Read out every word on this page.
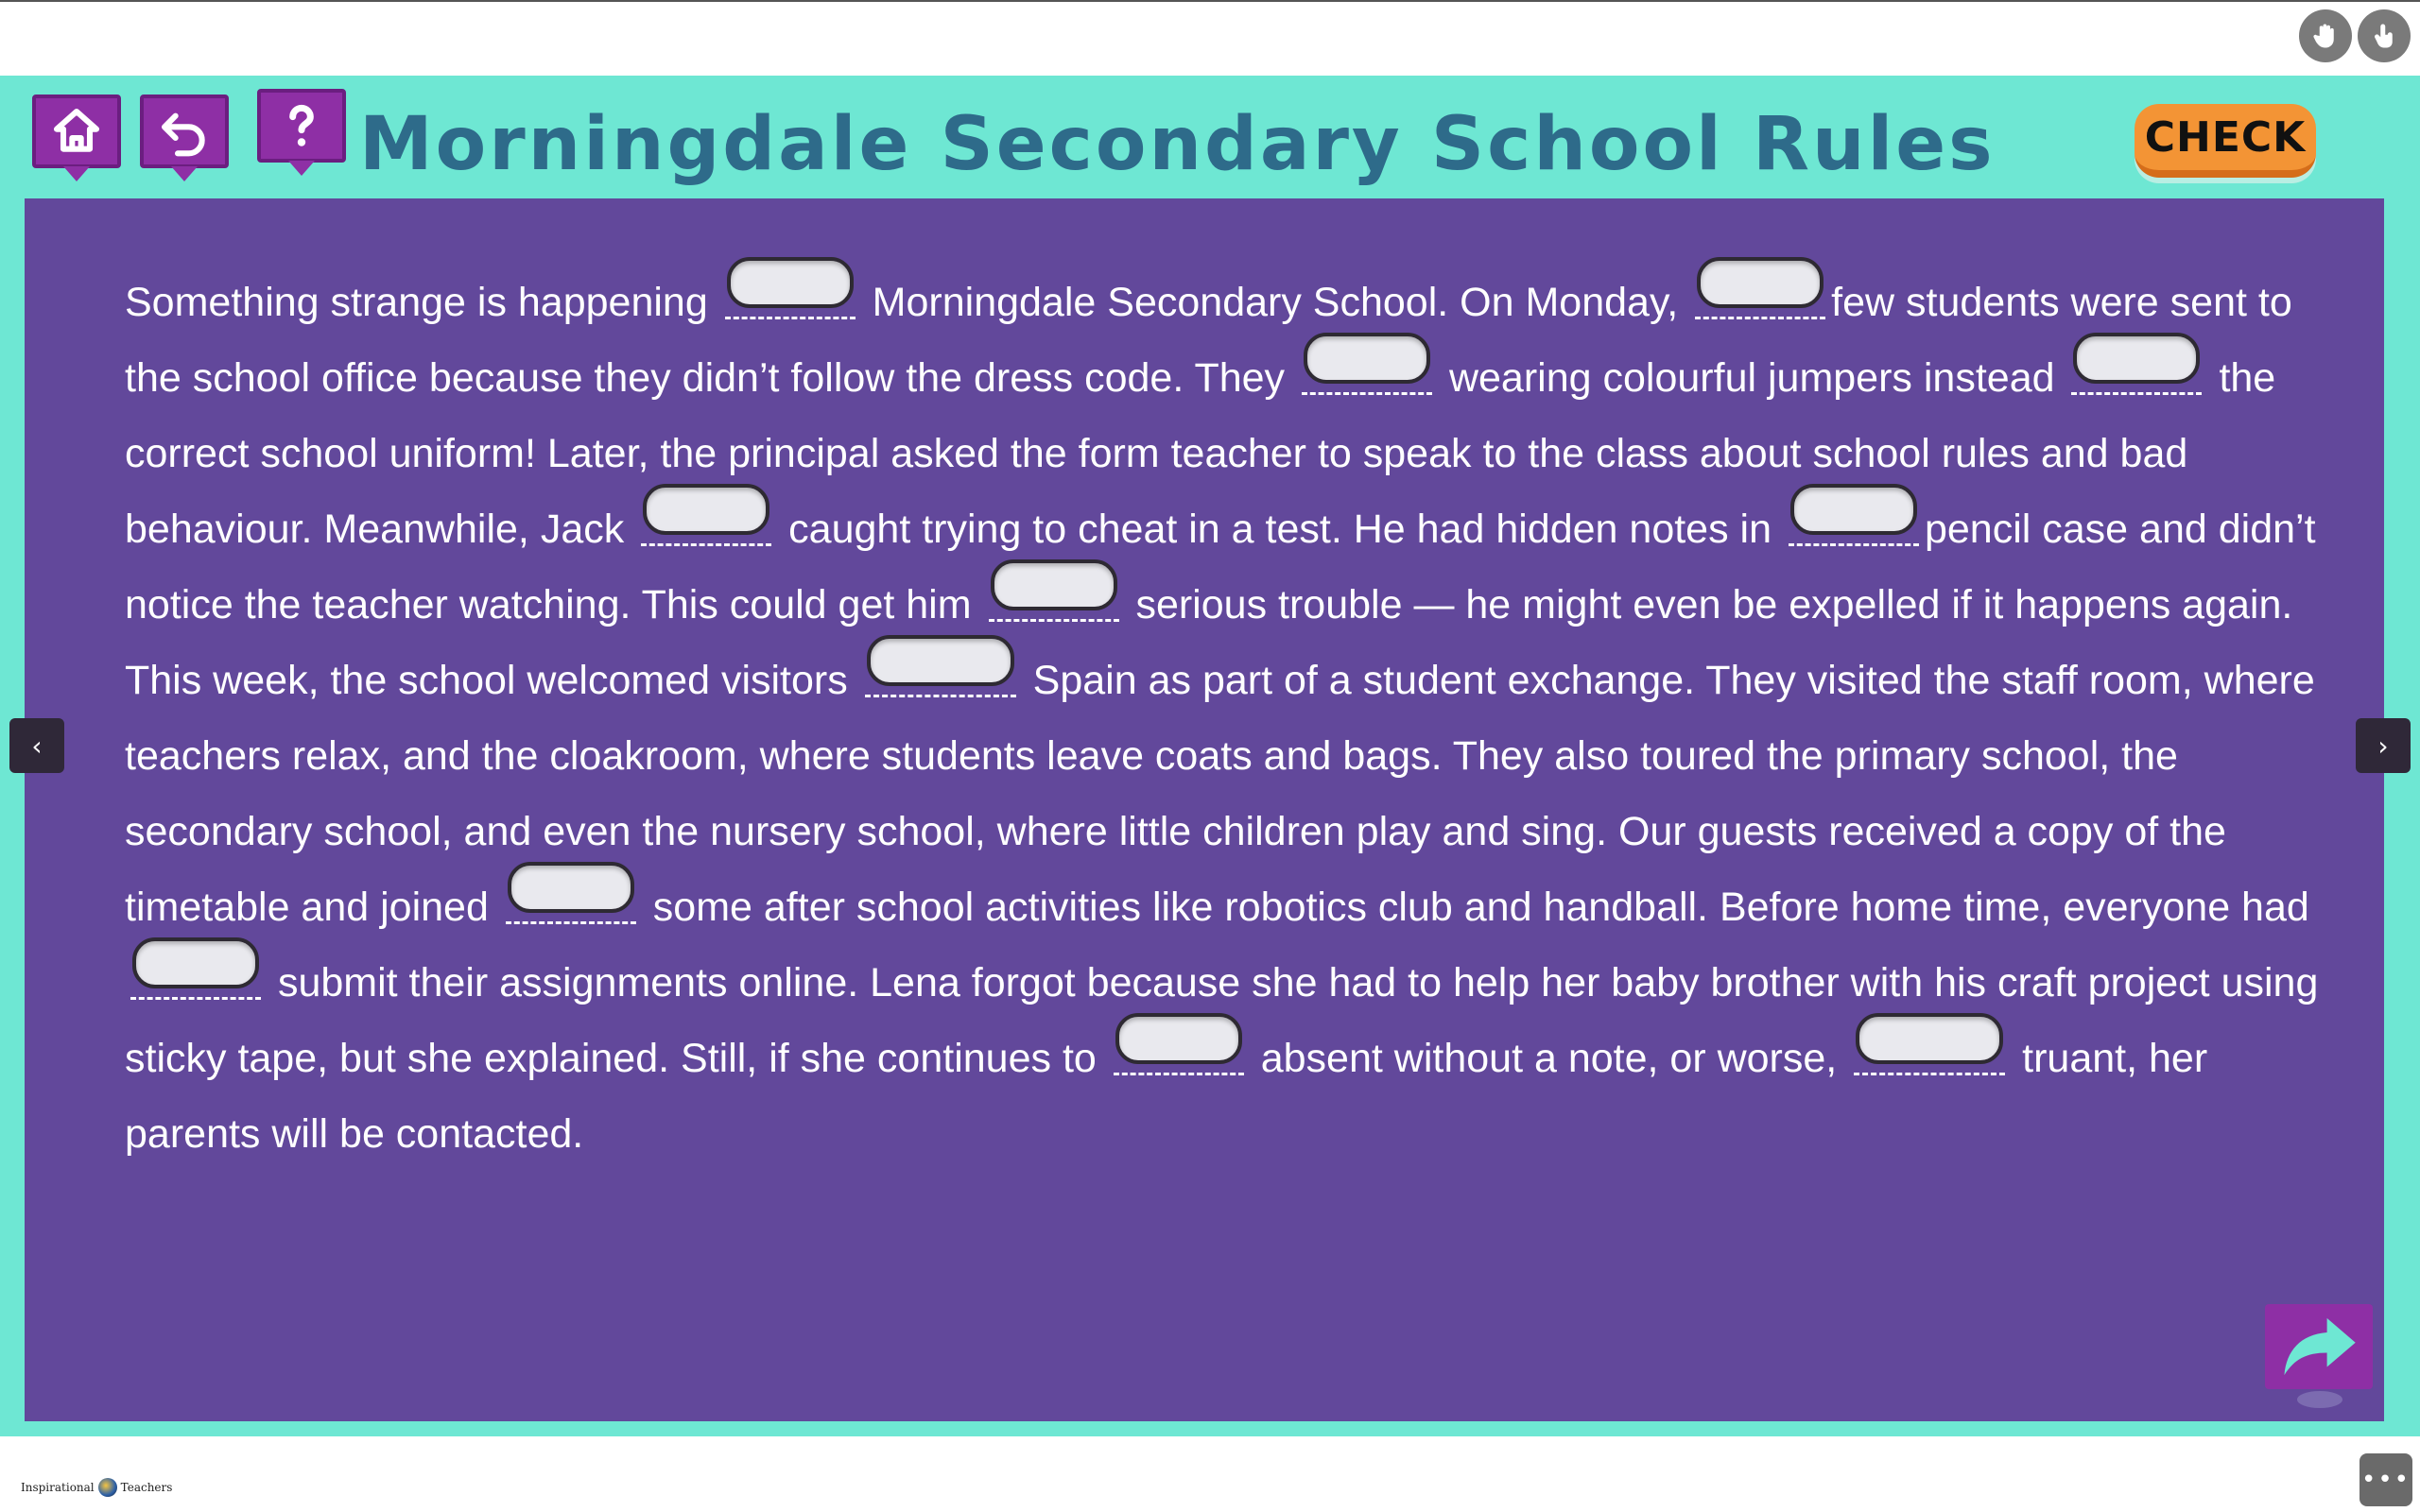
Morningdale Secondary School Rules	CHECK
Something strange is happening	Morningdale Secondary School. On Monday,	few students were sent to the school office because they didn’t follow the dress code. They	wearing colourful jumpers instead	the correct school uniform! Later, the principal asked the form teacher to speak to the class about school rules and bad behaviour. Meanwhile, Jack	caught trying to cheat in a test. He had hidden notes in	pencil case and didn’t notice the teacher watching. This could get him	serious trouble — he might even be expelled if it happens again.
This week, the school welcomed visitors	Spain as part of a student exchange. They visited the staff room, where teachers relax, and the cloakroom, where students leave coats and bags. They also toured the primary school, the secondary school, and even the nursery school, where little children play and sing. Our guests received a copy of the timetable and joined	some after school activities like robotics club and handball. Before home time, everyone had  submit their assignments online. Lena forgot because she had to help her baby brother with his craft project using sticky tape, but she explained. Still, if she continues to	absent without a note, or worse,	truant, her parents will be contacted.
‹	›
Inspirational Teachers	•••
